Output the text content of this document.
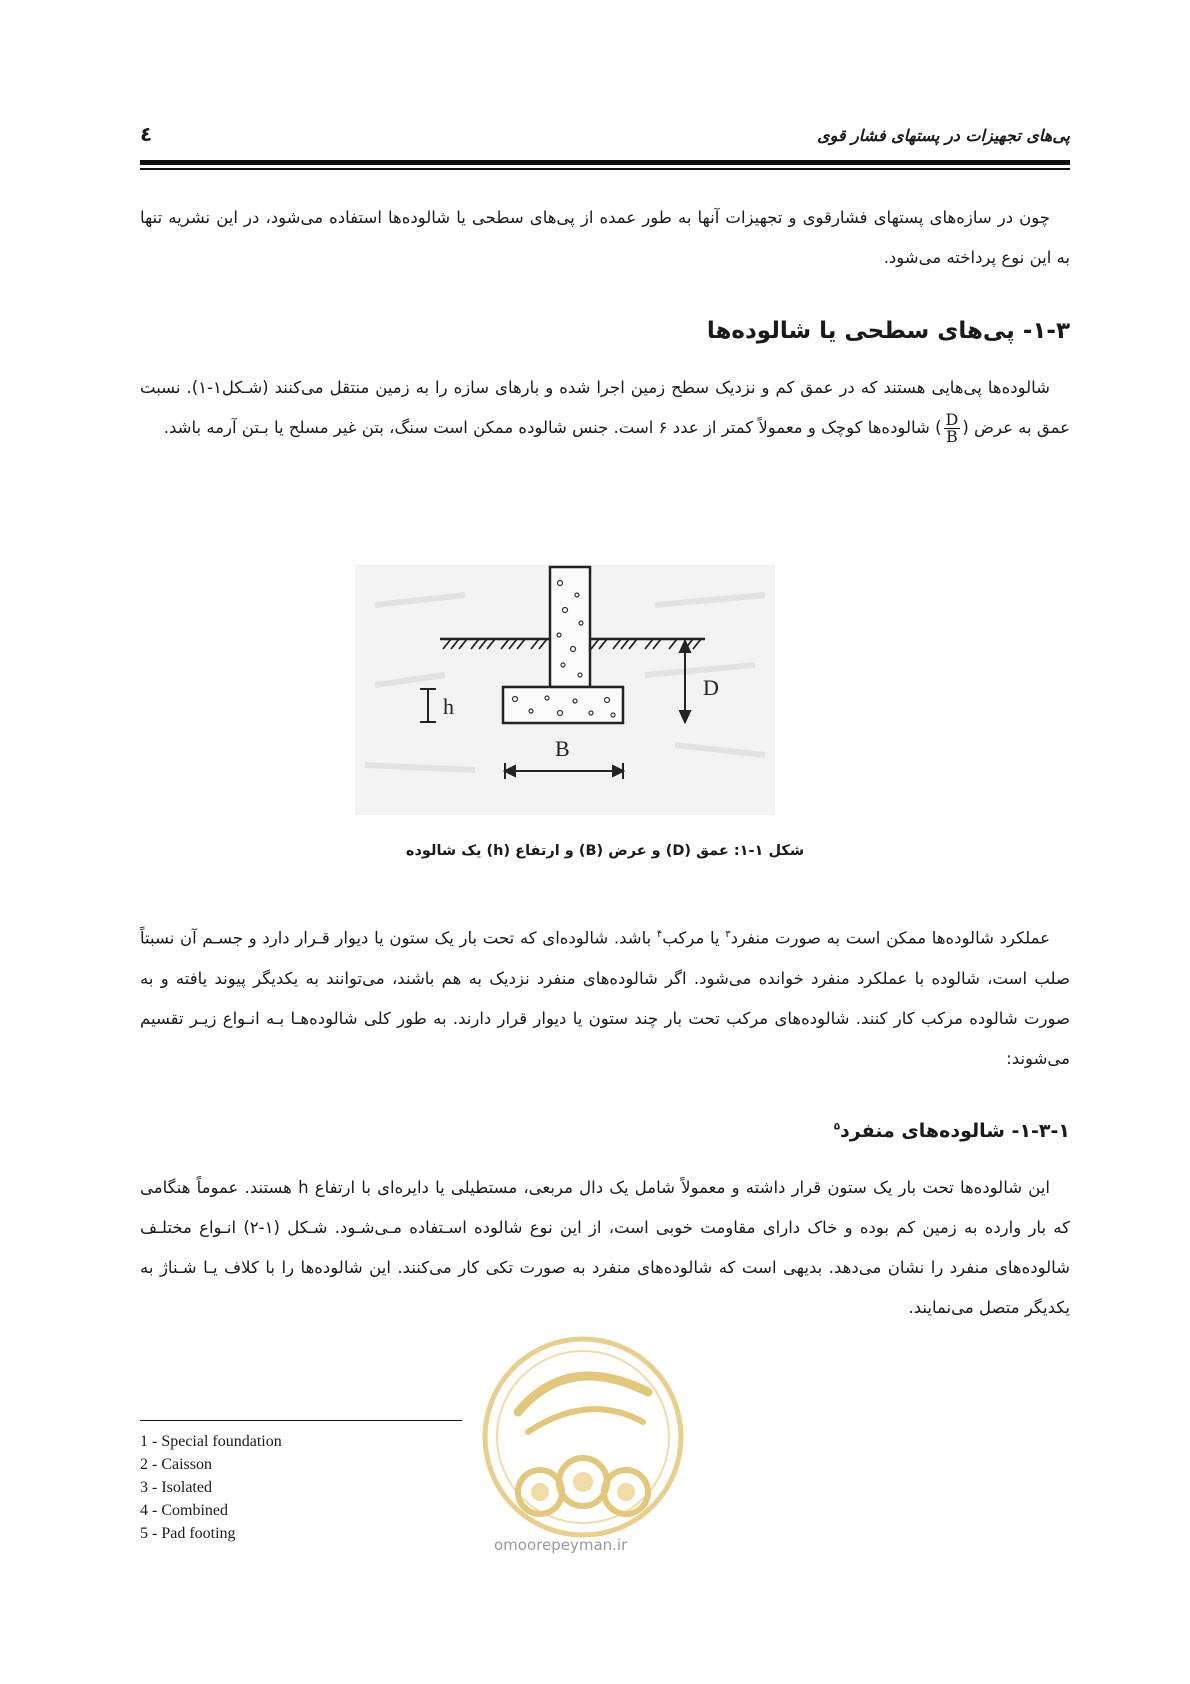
٤	پی‌های تجهیزات در پستهای فشار قوی
چون در سازه‌های پستهای فشارقوی و تجهیزات آنها به طور عمده از پی‌های سطحی یا شالوده‌ها استفاده می‌شود، در این نشریه تنها به این نوع پرداخته می‌شود.
۱-۳- پی‌های سطحی یا شالوده‌ها
شالوده‌ها پی‌هایی هستند که در عمق کم و نزدیک سطح زمین اجرا شده و بارهای سازه را به زمین منتقل می‌کنند (شـکل۱-۱). نسبت عمق به عرض (
$\frac{D}{B}$
) شالوده‌ها کوچک و معمولاً کمتر از عدد ۶ است. جنس شالوده ممکن است سنگ، بتن غیر مسلح یا بـتن آرمه باشد.
D
h
B
شکل ۱-۱: عمق (D) و عرض (B) و ارتفاع (h) یک شالوده
عملکرد شالوده‌ها ممکن است به صورت منفرد$^۳$ یا مرکب$^۴$ باشد. شالوده‌ای که تحت بار یک ستون یا دیوار قـرار دارد و جسـم آن نسبتاً صلب است، شالوده با عملکرد منفرد خوانده می‌شود. اگر شالوده‌های منفرد نزدیک به هم باشند، می‌توانند به یکدیگر پیوند یافته و به صورت شالوده مرکب کار کنند. شالوده‌های مرکب تحت بار چند ستون یا دیوار قرار دارند. به طور کلی شالوده‌هـا بـه انـواع زیـر تقسیم می‌شوند:
۱-۳-۱- شالوده‌های منفرد$^۵$
این شالوده‌ها تحت بار یک ستون قرار داشته و معمولاً شامل یک دال مربعی، مستطیلی یا دایره‌ای با ارتفاع h هستند. عموماً هنگامی که بار وارده به زمین کم بوده و خاک دارای مقاومت خوبی است، از این نوع شالوده اسـتفاده مـی‌شـود. شـکل (۱-۲) انـواع مختلـف شالوده‌های منفرد را نشان می‌دهد. بدیهی است که شالوده‌های منفرد به صورت تکی کار می‌کنند. این شالوده‌ها را با کلاف یـا شـناژ به یکدیگر متصل می‌نمایند.
omoorepeyman.ir
1 - Special foundation
2 - Caisson
3 - Isolated
4 - Combined
5 - Pad footing
